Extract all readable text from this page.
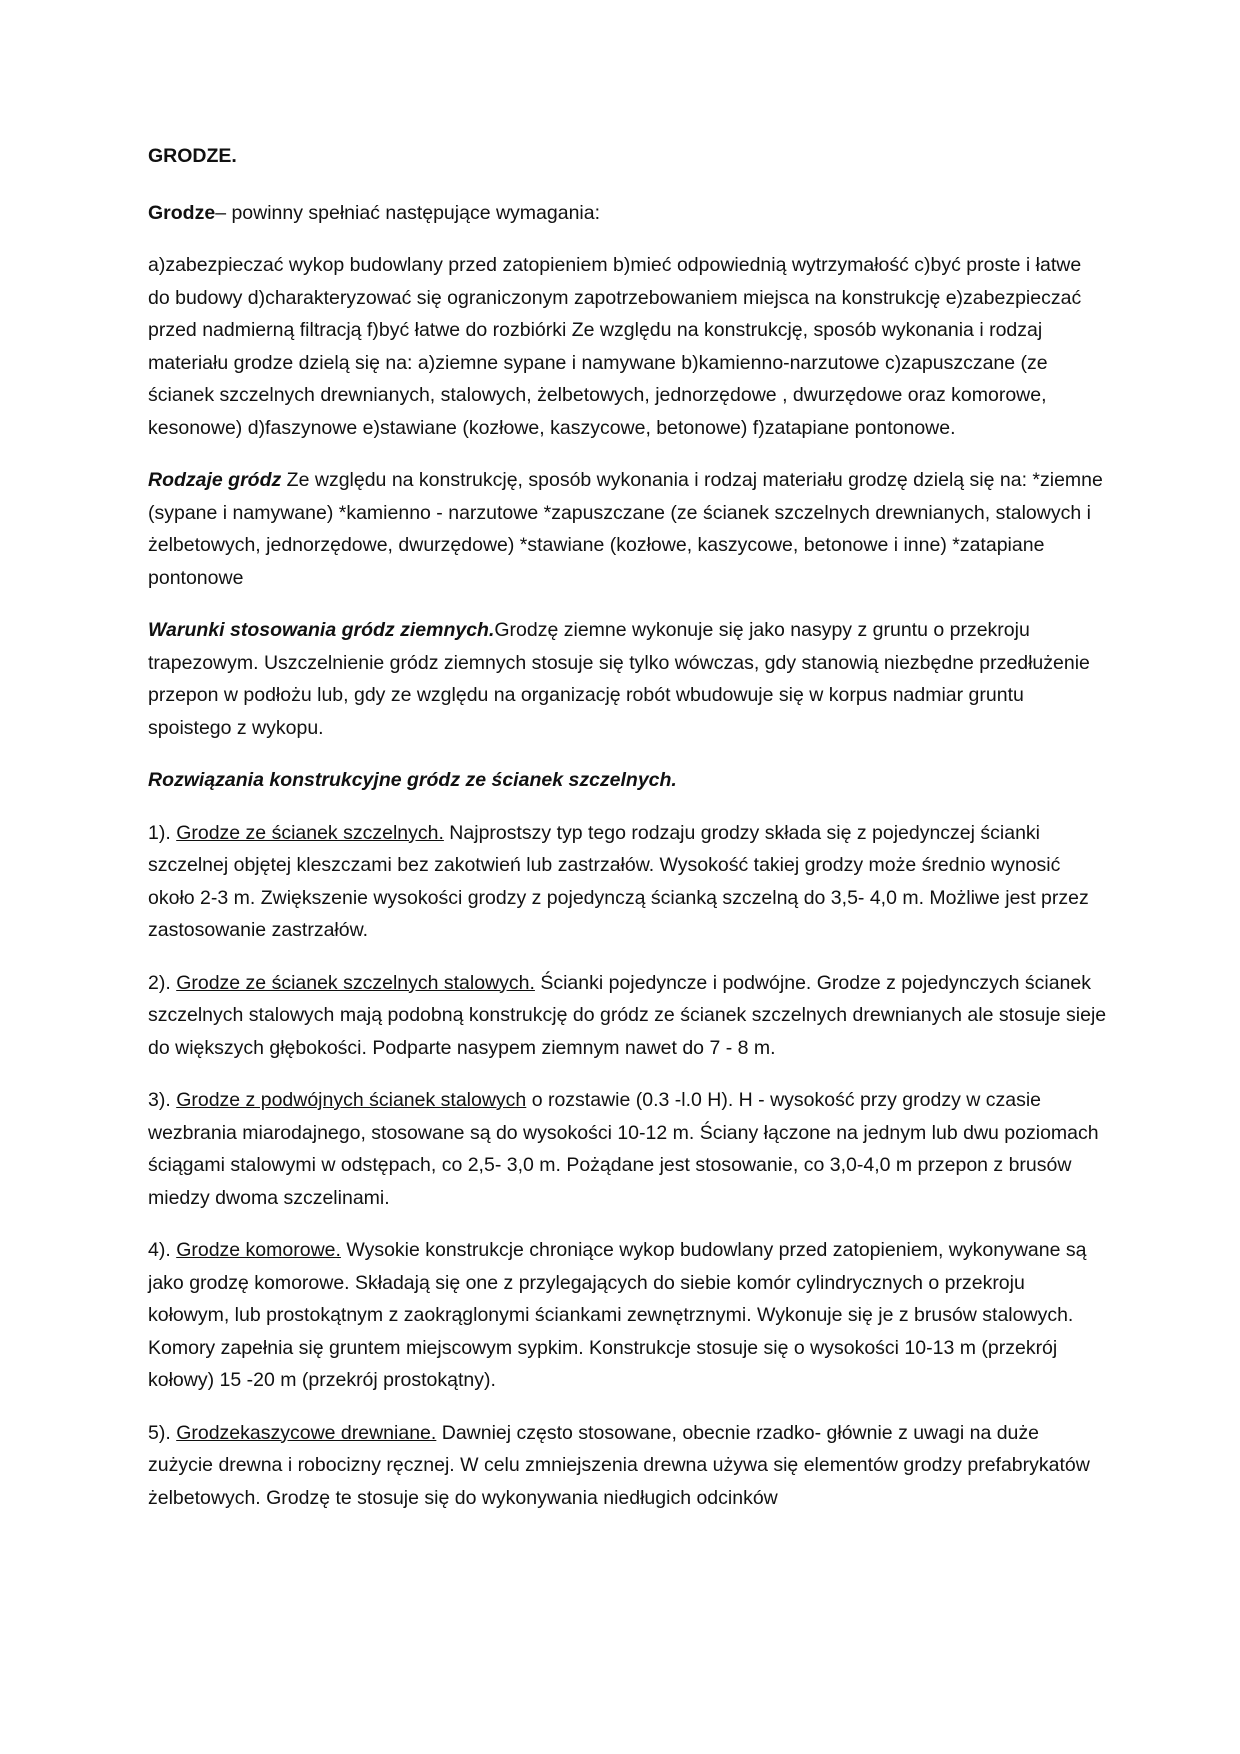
GRODZE.

Grodze– powinny spełniać następujące wymagania:

a)zabezpieczać wykop budowlany przed zatopieniem b)mieć odpowiednią wytrzymałość c)być proste i łatwe do budowy d)charakteryzować się ograniczonym zapotrzebowaniem miejsca na konstrukcję e)zabezpieczać przed nadmierną filtracją f)być łatwe do rozbiórki Ze względu na konstrukcję, sposób wykonania i rodzaj materiału grodze dzielą się na: a)ziemne sypane i namywane b)kamienno-narzutowe c)zapuszczane (ze ścianek szczelnych drewnianych, stalowych, żelbetowych, jednorzędowe , dwurzędowe oraz komorowe, kesonowe) d)faszynowe e)stawiane (kozłowe, kaszycowe, betonowe) f)zatapiane pontonowe.

Rodzaje gródz Ze względu na konstrukcję, sposób wykonania i rodzaj materiału grodzę dzielą się na: *ziemne (sypane i namywane) *kamienno - narzutowe *zapuszczane (ze ścianek szczelnych drewnianych, stalowych i żelbetowych, jednorzędowe, dwurzędowe) *stawiane (kozłowe, kaszycowe, betonowe i inne) *zatapiane pontonowe

Warunki stosowania gródz ziemnych.Grodzę ziemne wykonuje się jako nasypy z gruntu o przekroju trapezowym. Uszczelnienie gródz ziemnych stosuje się tylko wówczas, gdy stanowią niezbędne przedłużenie przepon w podłożu lub, gdy ze względu na organizację robót wbudowuje się w korpus nadmiar gruntu spoistego z wykopu.

Rozwiązania konstrukcyjne gródz ze ścianek szczelnych.

1). Grodze ze ścianek szczelnych. Najprostszy typ tego rodzaju grodzy składa się z pojedynczej ścianki szczelnej objętej kleszczami bez zakotwień lub zastrzałów. Wysokość takiej grodzy może średnio wynosić około 2-3 m. Zwiększenie wysokości grodzy z pojedynczą ścianką szczelną do 3,5- 4,0 m. Możliwe jest przez zastosowanie zastrzałów.

2). Grodze ze ścianek szczelnych stalowych. Ścianki pojedyncze i podwójne. Grodze z pojedynczych ścianek szczelnych stalowych mają podobną konstrukcję do gródz ze ścianek szczelnych drewnianych ale stosuje sieje do większych głębokości. Podparte nasypem ziemnym nawet do 7 - 8 m.

3). Grodze z podwójnych ścianek stalowych o rozstawie (0.3 -l.0 H). H - wysokość przy grodzy w czasie wezbrania miarodajnego, stosowane są do wysokości 10-12 m. Ściany łączone na jednym lub dwu poziomach ściągami stalowymi w odstępach, co 2,5- 3,0 m. Pożądane jest stosowanie, co 3,0-4,0 m przepon z brusów miedzy dwoma szczelinami.

4). Grodze komorowe. Wysokie konstrukcje chroniące wykop budowlany przed zatopieniem, wykonywane są jako grodzę komorowe. Składają się one z przylegających do siebie komór cylindrycznych o przekroju kołowym, lub prostokątnym z zaokrąglonymi ściankami zewnętrznymi. Wykonuje się je z brusów stalowych. Komory zapełnia się gruntem miejscowym sypkim. Konstrukcje stosuje się o wysokości 10-13 m (przekrój kołowy) 15 -20 m (przekrój prostokątny).

5). Grodzekaszycowe drewniane. Dawniej często stosowane, obecnie rzadko- głównie z uwagi na duże zużycie drewna i robocizny ręcznej. W celu zmniejszenia drewna używa się elementów grodzy prefabrykatów żelbetowych. Grodzę te stosuje się do wykonywania niedługich odcinków
